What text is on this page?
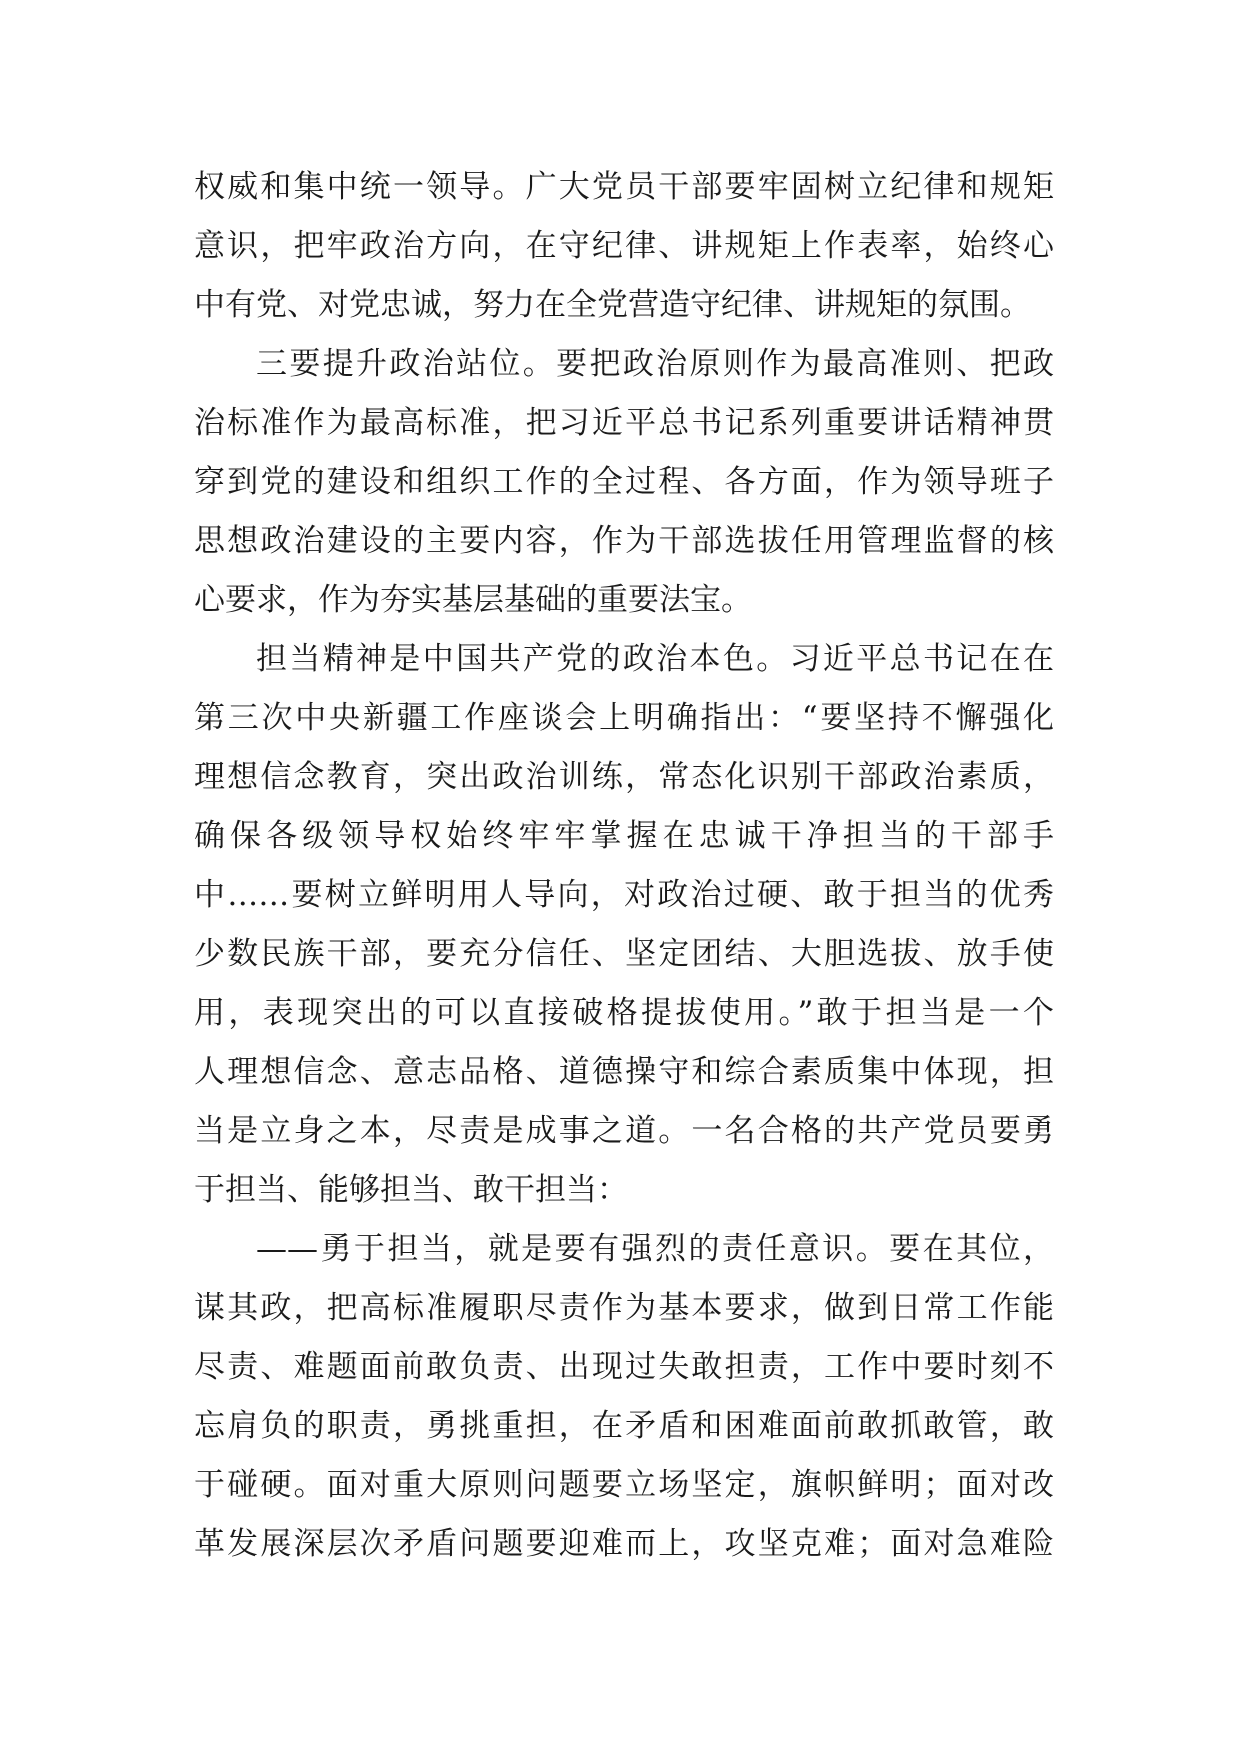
权威和集中统一领导。广大党员干部要牢固树立纪律和规矩
意识，把牢政治方向，在守纪律、讲规矩上作表率，始终心
中有党、对党忠诚，努力在全党营造守纪律、讲规矩的氛围。
三要提升政治站位。要把政治原则作为最高准则、把政
治标准作为最高标准，把习近平总书记系列重要讲话精神贯
穿到党的建设和组织工作的全过程、各方面，作为领导班子
思想政治建设的主要内容，作为干部选拔任用管理监督的核
心要求，作为夯实基层基础的重要法宝。
担当精神是中国共产党的政治本色。习近平总书记在在
第三次中央新疆工作座谈会上明确指出：“要坚持不懈强化
理想信念教育，突出政治训练，常态化识别干部政治素质，
确保各级领导权始终牢牢掌握在忠诚干净担当的干部手
中……要树立鲜明用人导向，对政治过硬、敢于担当的优秀
少数民族干部，要充分信任、坚定团结、大胆选拔、放手使
用，表现突出的可以直接破格提拔使用。”敢于担当是一个
人理想信念、意志品格、道德操守和综合素质集中体现，担
当是立身之本，尽责是成事之道。一名合格的共产党员要勇
于担当、能够担当、敢干担当：
——勇于担当，就是要有强烈的责任意识。要在其位，
谋其政，把高标准履职尽责作为基本要求，做到日常工作能
尽责、难题面前敢负责、出现过失敢担责，工作中要时刻不
忘肩负的职责，勇挑重担，在矛盾和困难面前敢抓敢管，敢
于碰硬。面对重大原则问题要立场坚定，旗帜鲜明；面对改
革发展深层次矛盾问题要迎难而上，攻坚克难；面对急难险
